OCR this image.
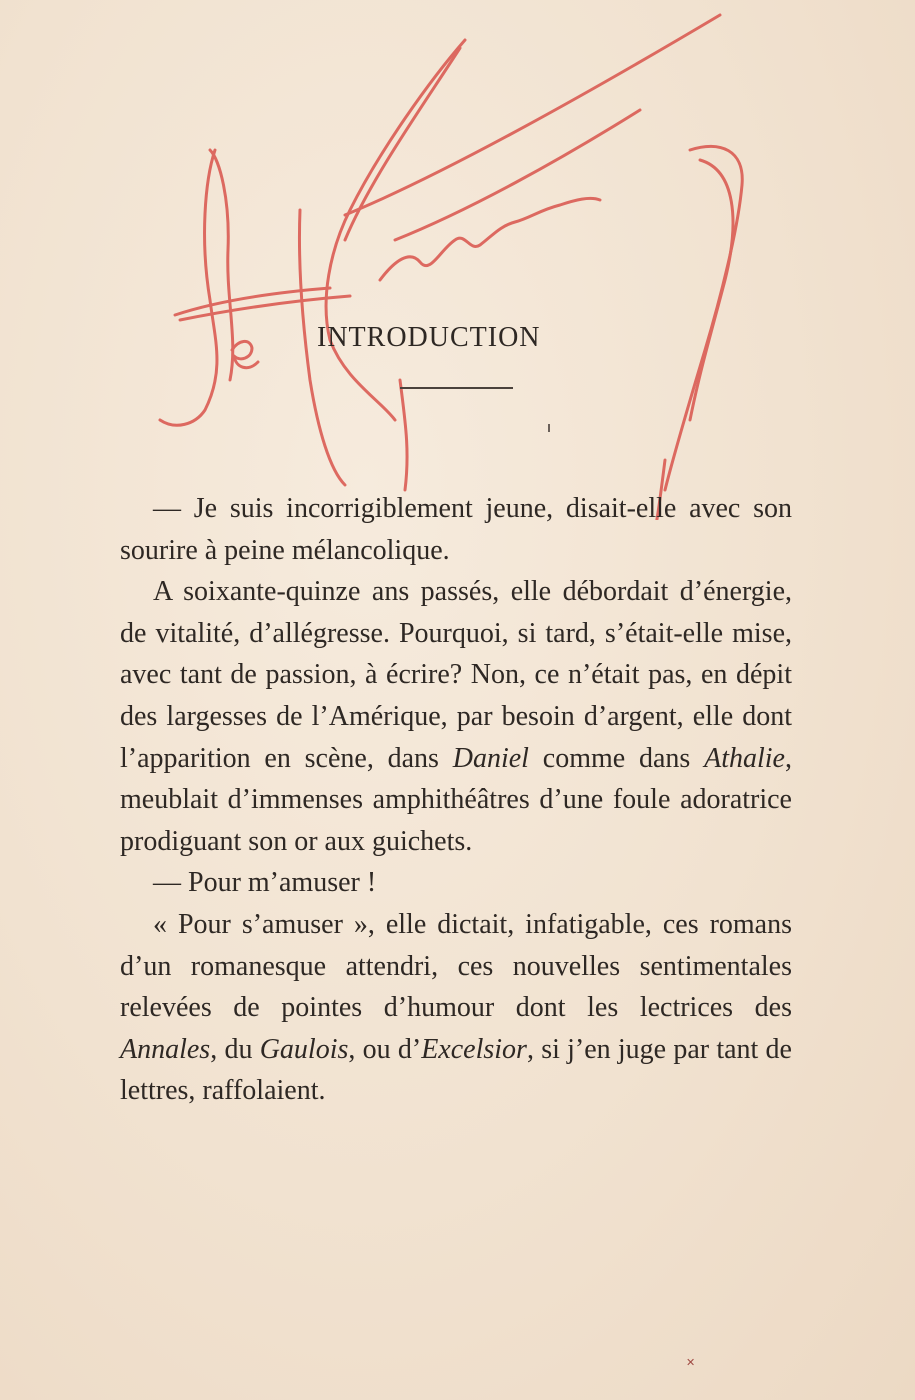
INTRODUCTION

— Je suis incorrigiblement jeune, disait-elle avec son sourire à peine mélancolique.

A soixante-quinze ans passés, elle débordait d’énergie, de vitalité, d’allégresse. Pourquoi, si tard, s’était-elle mise, avec tant de passion, à écrire? Non, ce n’était pas, en dépit des largesses de l’Amérique, par besoin d’argent, elle dont l’apparition en scène, dans Daniel comme dans Athalie, meublait d’immenses amphithéâtres d’une foule adoratrice prodiguant son or aux guichets.

— Pour m’amuser !

« Pour s’amuser », elle dictait, infatigable, ces romans d’un romanesque attendri, ces nouvelles sentimentales relevées de pointes d’humour dont les lectrices des Annales, du Gaulois, ou d’Excelsior, si j’en juge par tant de lettres, raffolaient.

✕
